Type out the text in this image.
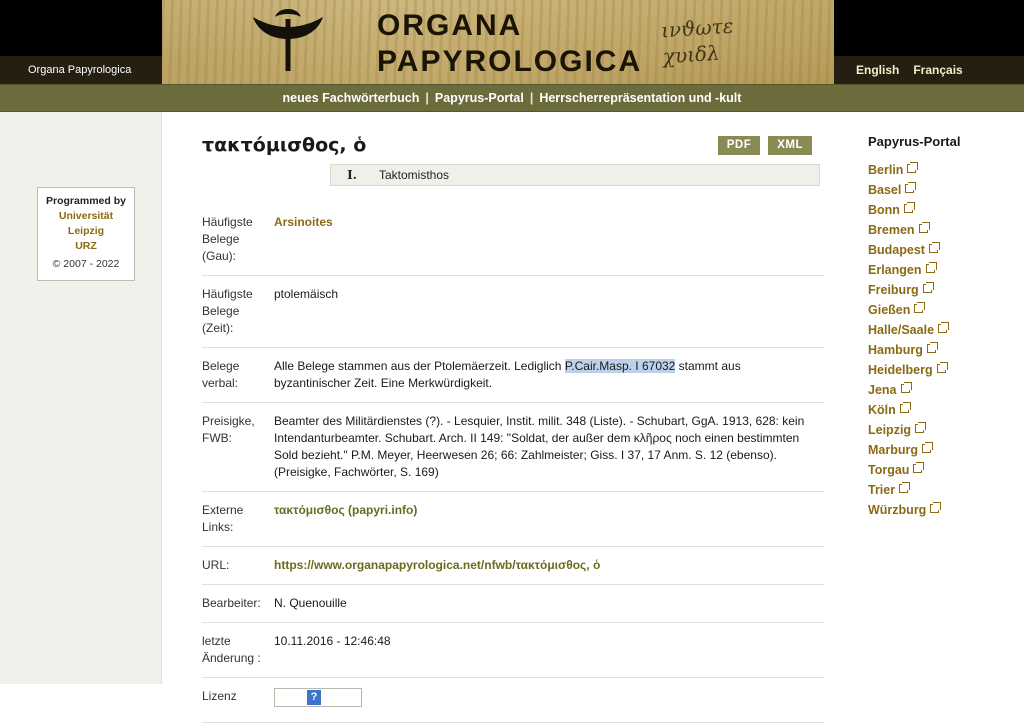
ORGANA
PAPYROLOGICA
ινϑωτε
χυιδλ
Organa Papyrologica	English Français
neues Fachwörterbuch | Papyrus-Portal | Herrscherrepräsentation und -kult
Programmed by
Universität
Leipzig
URZ
© 2007 - 2022
τακτόμισθος, ὁ	PDF	XML
I.	Taktomisthos
Häufigste Belege (Gau):	Arsinoites
Häufigste Belege (Zeit):	ptolemäisch
Belege verbal:	Alle Belege stammen aus der Ptolemäerzeit. Lediglich P.Cair.Masp. I 67032 stammt aus byzantinischer Zeit. Eine Merkwürdigkeit.
Preisigke, FWB:	Beamter des Militärdienstes (?). - Lesquier, Instit. milit. 348 (Liste). - Schubart, GgA. 1913, 628: kein Intendanturbeamter. Schubart. Arch. II 149: "Soldat, der außer dem κλῆρος noch einen bestimmten Sold bezieht." P.M. Meyer, Heerwesen 26; 66: Zahlmeister; Giss. I 37, 17 Anm. S. 12 (ebenso). (Preisigke, Fachwörter, S. 169)
Externe Links:	τακτόμισθος (papyri.info)
URL:	https://www.organapapyrologica.net/nfwb/τακτόμισθος, ὁ
Bearbeiter:	N. Quenouille
letzte Änderung :	10.11.2016 - 12:46:48
Lizenz	?
Papyrus-Portal
Berlin
Basel
Bonn
Bremen
Budapest
Erlangen
Freiburg
Gießen
Halle/Saale
Hamburg
Heidelberg
Jena
Köln
Leipzig
Marburg
Torgau
Trier
Würzburg
